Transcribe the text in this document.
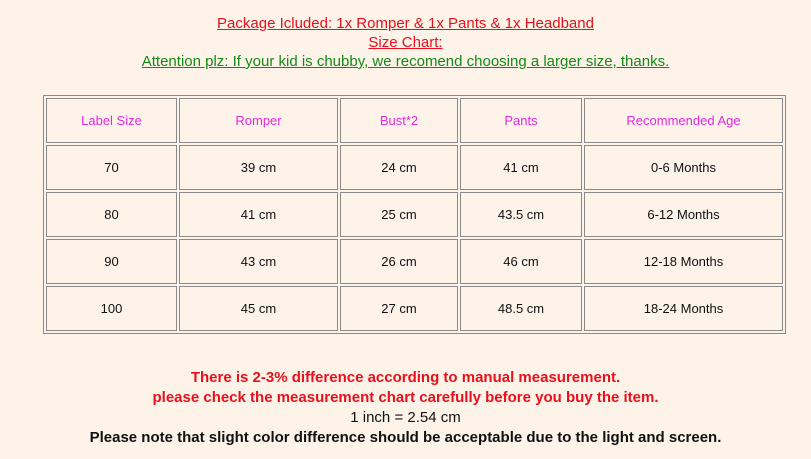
Package Icluded: 1x Romper & 1x Pants & 1x Headband
Size Chart:
Attention plz: If your kid is chubby, we recomend choosing a larger size, thanks.
Label Size	Romper	Bust*2	Pants	Recommended Age
70	39 cm	24 cm	41 cm	0-6 Months
80	41 cm	25 cm	43.5 cm	6-12 Months
90	43 cm	26 cm	46 cm	12-18 Months
100	45 cm	27 cm	48.5 cm	18-24 Months
There is 2-3% difference according to manual measurement.
please check the measurement chart carefully before you buy the item.
1 inch = 2.54 cm
Please note that slight color difference should be acceptable due to the light and screen.
